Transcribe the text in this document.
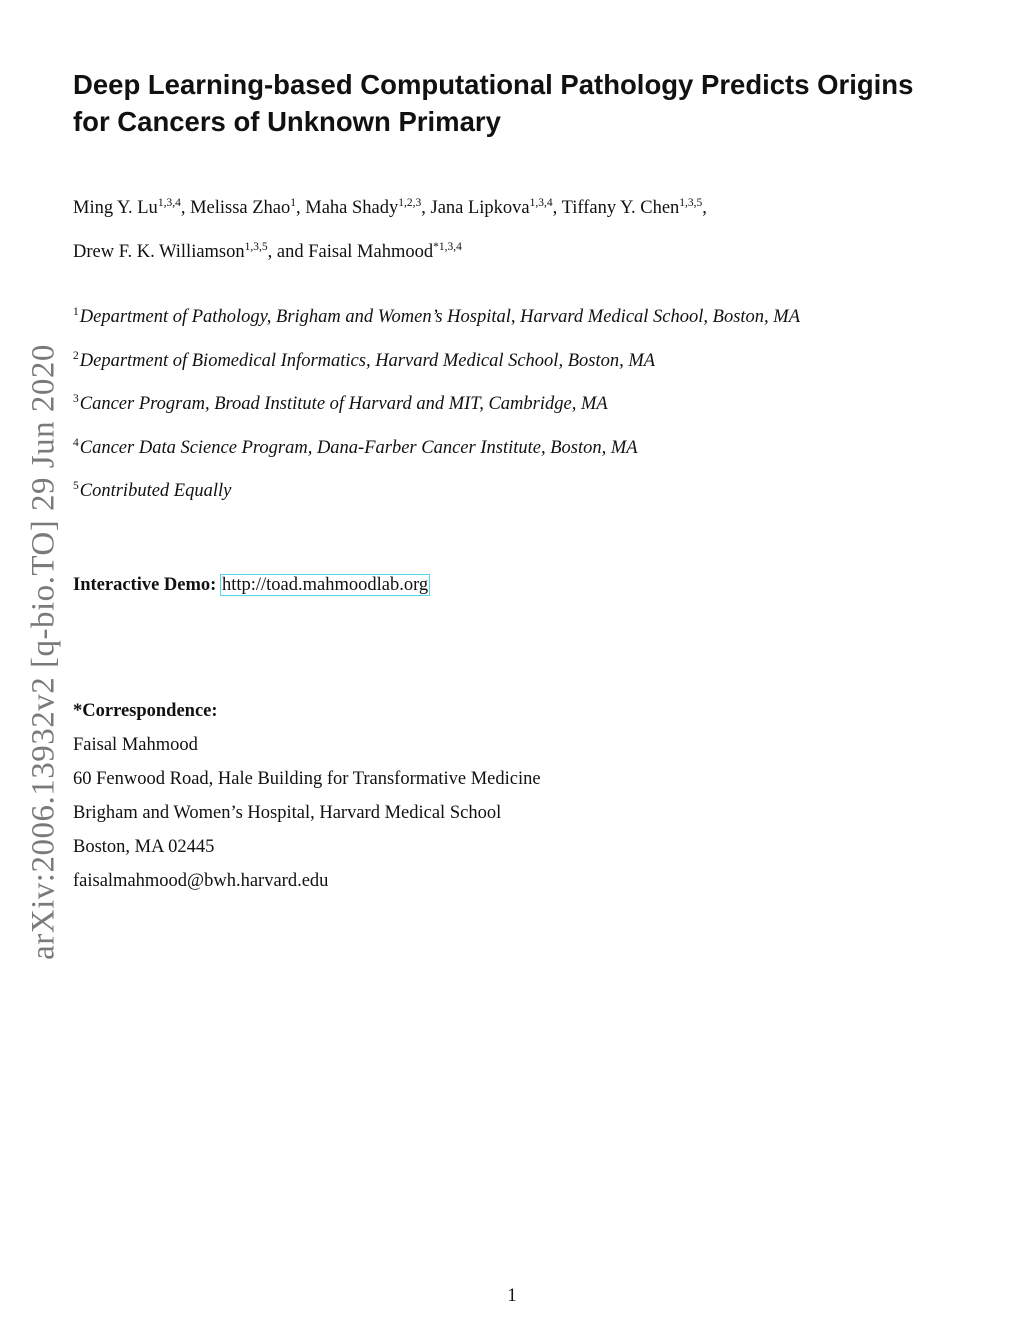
arXiv:2006.13932v2 [q-bio.TO] 29 Jun 2020
Deep Learning-based Computational Pathology Predicts Origins
for Cancers of Unknown Primary
Ming Y. Lu$^{1,3,4}$, Melissa Zhao$^1$, Maha Shady$^{1,2,3}$, Jana Lipkova$^{1,3,4}$, Tiffany Y. Chen$^{1,3,5}$,
Drew F. K. Williamson$^{1,3,5}$, and Faisal Mahmood$^{*1,3,4}$
$^1$Department of Pathology, Brigham and Women’s Hospital, Harvard Medical School, Boston, MA
$^2$Department of Biomedical Informatics, Harvard Medical School, Boston, MA
$^3$Cancer Program, Broad Institute of Harvard and MIT, Cambridge, MA
$^4$Cancer Data Science Program, Dana-Farber Cancer Institute, Boston, MA
$^5$Contributed Equally
Interactive Demo: http://toad.mahmoodlab.org
*Correspondence:
Faisal Mahmood
60 Fenwood Road, Hale Building for Transformative Medicine
Brigham and Women’s Hospital, Harvard Medical School
Boston, MA 02445
faisalmahmood@bwh.harvard.edu
1
